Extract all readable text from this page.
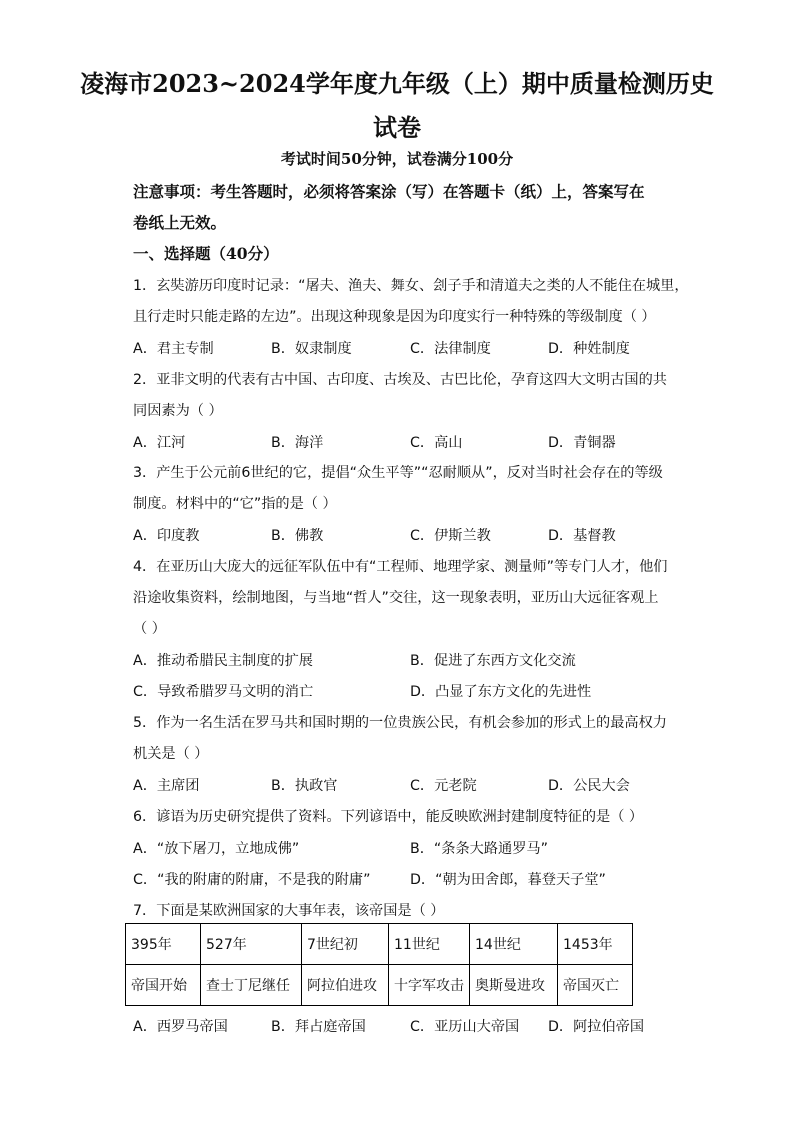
凌海市2023~2024学年度九年级（上）期中质量检测历史
试卷
考试时间50分钟，试卷满分100分
注意事项：考生答题时，必须将答案涂（写）在答题卡（纸）上，答案写在
卷纸上无效。
一、选择题（40分）
1．玄奘游历印度时记录：“屠夫、渔夫、舞女、刽子手和清道夫之类的人不能住在城里，
且行走时只能走路的左边”。出现这种现象是因为印度实行一种特殊的等级制度（ ）
A．君主专制	B．奴隶制度	C．法律制度	D．种姓制度
2．亚非文明的代表有古中国、古印度、古埃及、古巴比伦，孕育这四大文明古国的共
同因素为（ ）
A．江河	B．海洋	C．高山	D．青铜器
3．产生于公元前6世纪的它，提倡“众生平等”“忍耐顺从”，反对当时社会存在的等级
制度。材料中的“它”指的是（ ）
A．印度教	B．佛教	C．伊斯兰教	D．基督教
4．在亚历山大庞大的远征军队伍中有“工程师、地理学家、测量师”等专门人才，他们
沿途收集资料，绘制地图，与当地“哲人”交往，这一现象表明，亚历山大远征客观上
（ ）
A．推动希腊民主制度的扩展	B．促进了东西方文化交流
C．导致希腊罗马文明的消亡	D．凸显了东方文化的先进性
5．作为一名生活在罗马共和国时期的一位贵族公民，有机会参加的形式上的最高权力
机关是（ ）
A．主席团	B．执政官	C．元老院	D．公民大会
6．谚语为历史研究提供了资料。下列谚语中，能反映欧洲封建制度特征的是（ ）
A．“放下屠刀，立地成佛”	B．“条条大路通罗马”
C．“我的附庸的附庸，不是我的附庸”	D．“朝为田舍郎，暮登天子堂”
7．下面是某欧洲国家的大事年表，该帝国是（ ）
395年	527年	7世纪初	11世纪	14世纪	1453年
帝国开始	查士丁尼继任	阿拉伯进攻	十字军攻击	奥斯曼进攻	帝国灭亡
A．西罗马帝国	B．拜占庭帝国	C．亚历山大帝国 D．阿拉伯帝国
